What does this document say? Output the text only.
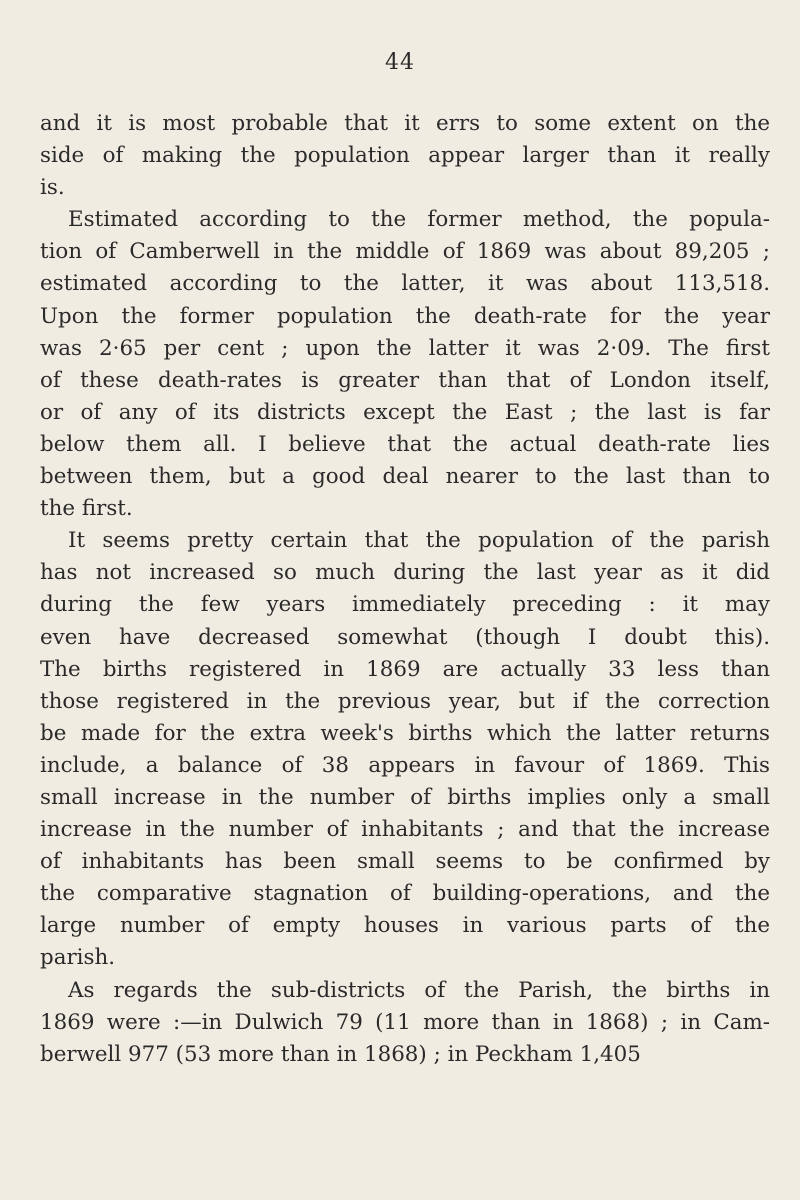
44
and it is most probable that it errs to some extent on the
side of making the population appear larger than it really
is.
Estimated according to the former method, the popula-
tion of Camberwell in the middle of 1869 was about 89,205 ;
estimated according to the latter, it was about 113,518.
Upon the former population the death-rate for the year
was 2·65 per cent ; upon the latter it was 2·09. The first
of these death-rates is greater than that of London itself,
or of any of its districts except the East ; the last is far
below them all. I believe that the actual death-rate lies
between them, but a good deal nearer to the last than to
the first.
It seems pretty certain that the population of the parish
has not increased so much during the last year as it did
during the few years immediately preceding : it may
even have decreased somewhat (though I doubt this).
The births registered in 1869 are actually 33 less than
those registered in the previous year, but if the correction
be made for the extra week's births which the latter returns
include, a balance of 38 appears in favour of 1869. This
small increase in the number of births implies only a small
increase in the number of inhabitants ; and that the increase
of inhabitants has been small seems to be confirmed by
the comparative stagnation of building-operations, and the
large number of empty houses in various parts of the
parish.
As regards the sub-districts of the Parish, the births in
1869 were :—in Dulwich 79 (11 more than in 1868) ; in Cam-
berwell 977 (53 more than in 1868) ; in Peckham 1,405
